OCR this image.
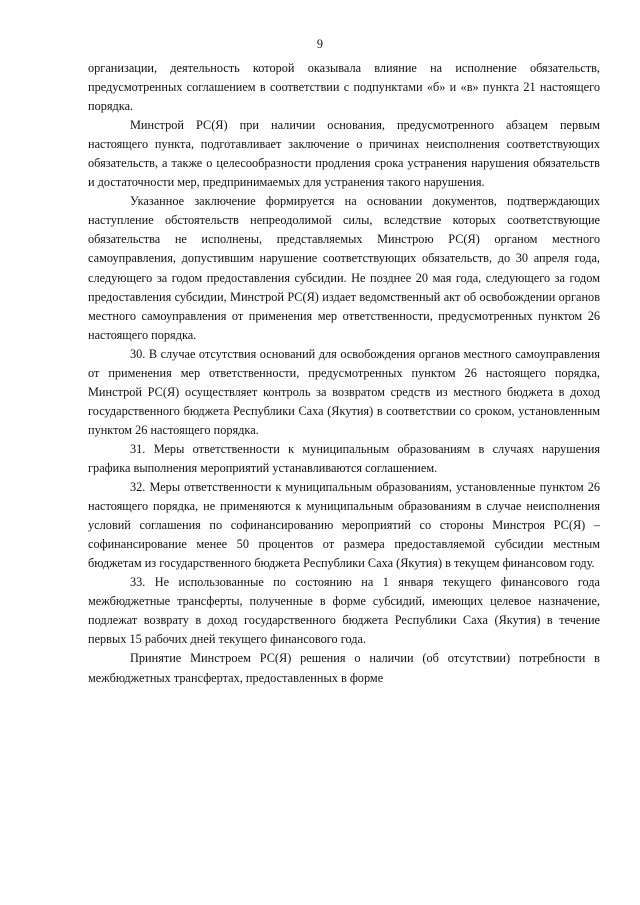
9

организации, деятельность которой оказывала влияние на исполнение обязательств, предусмотренных соглашением в соответствии с подпунктами «б» и «в» пункта 21 настоящего порядка.

Минстрой РС(Я) при наличии основания, предусмотренного абзацем первым настоящего пункта, подготавливает заключение о причинах неисполнения соответствующих обязательств, а также о целесообразности продления срока устранения нарушения обязательств и достаточности мер, предпринимаемых для устранения такого нарушения.

Указанное заключение формируется на основании документов, подтверждающих наступление обстоятельств непреодолимой силы, вследствие которых соответствующие обязательства не исполнены, представляемых Минстрою РС(Я) органом местного самоуправления, допустившим нарушение соответствующих обязательств, до 30 апреля года, следующего за годом предоставления субсидии. Не позднее 20 мая года, следующего за годом предоставления субсидии, Минстрой РС(Я) издает ведомственный акт об освобождении органов местного самоуправления от применения мер ответственности, предусмотренных пунктом 26 настоящего порядка.

30. В случае отсутствия оснований для освобождения органов местного самоуправления от применения мер ответственности, предусмотренных пунктом 26 настоящего порядка, Минстрой РС(Я) осуществляет контроль за возвратом средств из местного бюджета в доход государственного бюджета Республики Саха (Якутия) в соответствии со сроком, установленным пунктом 26 настоящего порядка.

31. Меры ответственности к муниципальным образованиям в случаях нарушения графика выполнения мероприятий устанавливаются соглашением.

32. Меры ответственности к муниципальным образованиям, установленные пунктом 26 настоящего порядка, не применяются к муниципальным образованиям в случае неисполнения условий соглашения по софинансированию мероприятий со стороны Минстроя РС(Я) – софинансирование менее 50 процентов от размера предоставляемой субсидии местным бюджетам из государственного бюджета Республики Саха (Якутия) в текущем финансовом году.

33. Не использованные по состоянию на 1 января текущего финансового года межбюджетные трансферты, полученные в форме субсидий, имеющих целевое назначение, подлежат возврату в доход государственного бюджета Республики Саха (Якутия) в течение первых 15 рабочих дней текущего финансового года.

Принятие Минстроем РС(Я) решения о наличии (об отсутствии) потребности в межбюджетных трансфертах, предоставленных в форме
